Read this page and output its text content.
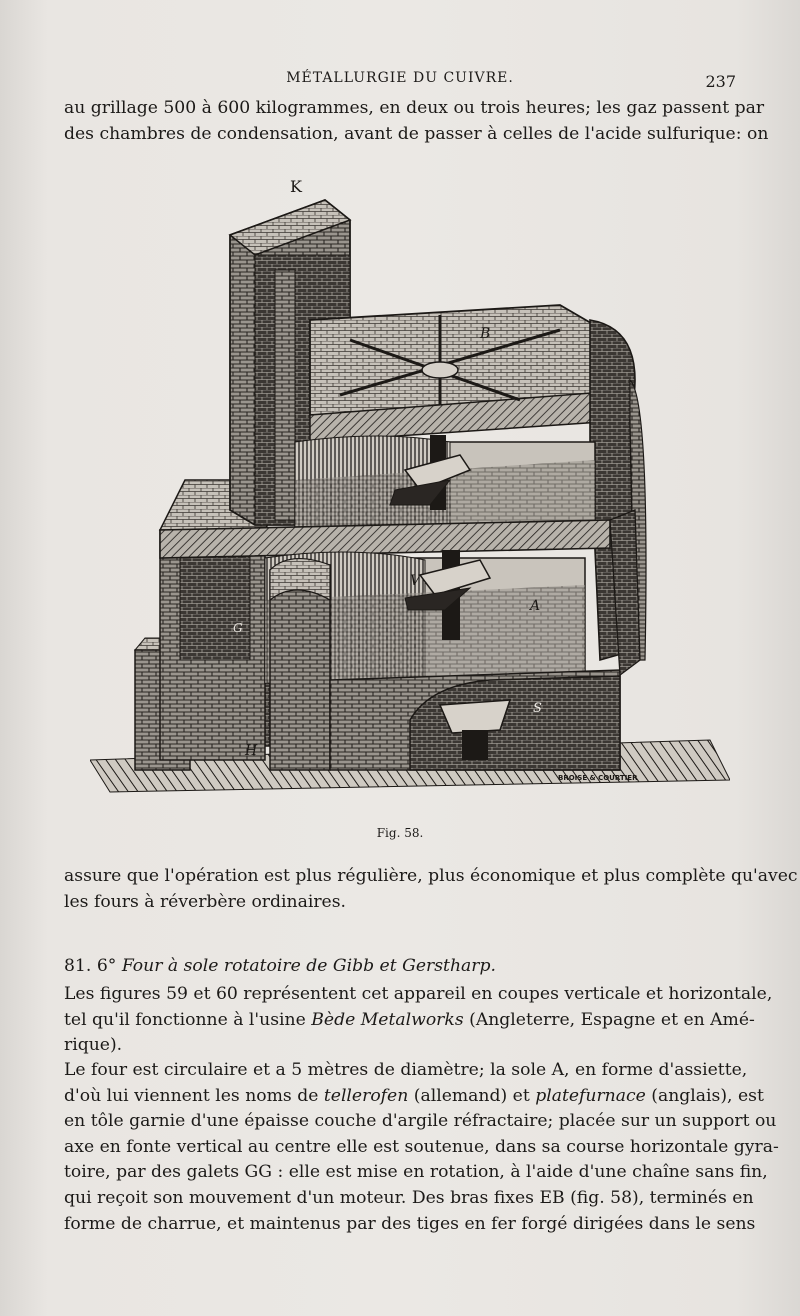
MÉTALLURGIE DU CUIVRE.	237
au grillage 500 à 600 kilogrammes, en deux ou trois heures; les gaz passent par
des chambres de condensation, avant de passer à celles de l'acide sulfurique: on
K
B
V
A
S
H
G
BROISE & COURTIER
Fig. 58.
assure que l'opération est plus régulière, plus économique et plus complète qu'avec
les fours à réverbère ordinaires.
81. 6° Four à sole rotatoire de Gibb et Gerstharp.
Les figures 59 et 60 représentent cet appareil en coupes verticale et horizontale,
tel qu'il fonctionne à l'usine Bède Metalworks (Angleterre, Espagne et en Amé-
rique).
Le four est circulaire et a 5 mètres de diamètre; la sole A, en forme d'assiette,
d'où lui viennent les noms de tellerofen (allemand) et platefurnace (anglais), est
en tôle garnie d'une épaisse couche d'argile réfractaire; placée sur un support ou
axe en fonte vertical au centre elle est soutenue, dans sa course horizontale gyra-
toire, par des galets GG : elle est mise en rotation, à l'aide d'une chaîne sans fin,
qui reçoit son mouvement d'un moteur. Des bras fixes EB (fig. 58), terminés en
forme de charrue, et maintenus par des tiges en fer forgé dirigées dans le sens
